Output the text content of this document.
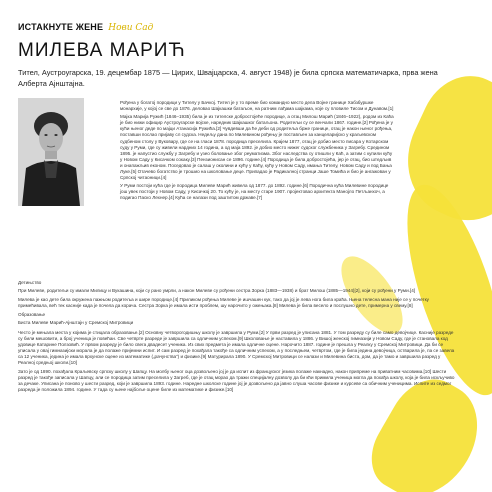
ИСТАКНУТЕ ЖЕНЕ Нови Сад
МИЛЕВА МАРИЋ
Тител, Аустроугарска, 19. децембар 1875 — Цирих, Швајцарска, 4. август 1948) је била српска математичарка, прва жена Алберта Ајнштајна.

Рођена у богатој породици у Тителу у Бачкој. Тител је у то време био командно место дела Војне границе Хабзбуршке монархије, у којој се све до 1876. деловао Шајкашки батаљон, на ратним лађама шајкама, које су пловиле Тисом и Дунавом.[1]

Мајка Марија Ружић (1846–1935) била је из тителске добростојеће породице, а отац Милош Марић (1846–1922), родом из Каћа је био нижи официр Аустроугарске војске, наредник Шајкашког батаљона. Родитељи су се венчали 1867. године.[2] Рођена је у кући њеног деде по мајци Атанасија Ружића.[2] Чувдевши да ће деби од родитеља брже границе, отац је након њеног рођења, поставши послао пријаву сл судска. Недељу дана по Милевином рођењу је постављен за канцеларијско у краљевском судбеном столу у Вуковару, где се на гласи 1878. породица преселила. Крајем 1877, отац је добио место писара у Котарском суду у Руми, где су живели нардних 14 година, а од маја 1892. је добио место нижег судског службеника у Загребу. Средином 1895. је напустио службу у Загребу и узео боловање због реуматизма. Због наследства су отишли у Каћ, а затим с купили кућу у Новом Саду у Кисачком сокаку.[3] Пензионисан се 1896. године.[4] Породица је била добростојећа, јер је отац, био штедљив и онапажљив економ. Поседовао је салаш у околини и кућу у Каћу, кућу у Новом Саду, имања Тителу, Новом Саду и под Бања Луке.[5] Отачево богатство је трошио на школовање деце. Припадао је Радикалној странци Јаше Томића и био је ангажован у Српској читаоници.[4]

У Руми постоји кућа где је породица Милеве Марић живела од 1877. до 1892. године.[6] Породична кућа Милевине породице још увек постоји у Новом Саду, у Кисачкој 20. То кућу је, на месту старе 1907. пројектовао архитекта Манојло Петљанхоч, а подигао Паско Лехнер.[4] Кућа се налази под заштитом државе.[7]

Детињство

При Милеве, родитељи су имали Милицу и Вукашина, који су рано умрли, а након Милеве су рођени сестра Зорка (1883—1938) и брат Милош (1885—1944)[2], који су рођени у Руми.[4]

Милева је као дете била окружена пажњом родитеља и шире породице.[4] Приликом рођења Милеве је ишчашен кук, тако да јој је лева нога била краћа. Њена телесна мана није се у почетку примећивала, већ тек касније када је почела да корача. Сестра Зорка је имала исти проблем, шу нарочито у ожењака.[8] Милева је била весело и послушно дете, примерна у свему.[8]

Образовање

Биста Милеве Марић-Ајнштајн у Сремској Митровици

Често је мењала места у којима је стицала образовање.[2] Основну четворогодишњу школу је завршила у Руми.[2] У први разред је уписана 1881. У том разреду су биле само девојчице. Касније разреде су били мешовити, а број ученица је повећан. Свe четврте разреде је завршила са одличним успехом.[9] Школовање је наставила у 1886. у Вишој женској гимназији у Новом Саду, где је становала код удовице Катарине Ползовић. У првом разреду је било свега двадесет ученика. Из свих предмета је имала одличне оцене. Нарoчито 1887. године је прешла у Реалку у Сремској Митровици. Да би се уписала у овај гимназијски морала је да полаже пријемни испит. И сам разред је похађала такође са одличним успехом, а у последњем, четвртом, где је била једина девојчица, остварила је, па се завела са 12 ученика, једина је имала врхунске оцене из математике („рачунства”) и физике.[9] Матурирала 1890. У Сремској Митровици се налази и Милевина биста, дом, да је тамо и завршила разред у Реалној средњој школи.[10]

Зато је од 1890. похађала Краљевску српску школу у Шапцу. На молбу њеног оца дозвољено јој је да испит из француског језика полаже накнадно, након припреме на приватним часовима.[10] Шести разред је такође записала у Шапцу, али се породица затим преселила у Загреб, где је отац морао да тражи специјалну дозволу да би кћи примила ученица могла да похађа школу, која је била искључиво за дечаке. Уписана је поново у шести разред, који је завршила 1893. године. Наредне школске године јој је дозвољено да јавно слуша часове физике и курсеве са обичним ученицима. Испите из седмог разреда је положила 1894. године. У тада су њене најбоље оцене биле из математике и физике.[10]
